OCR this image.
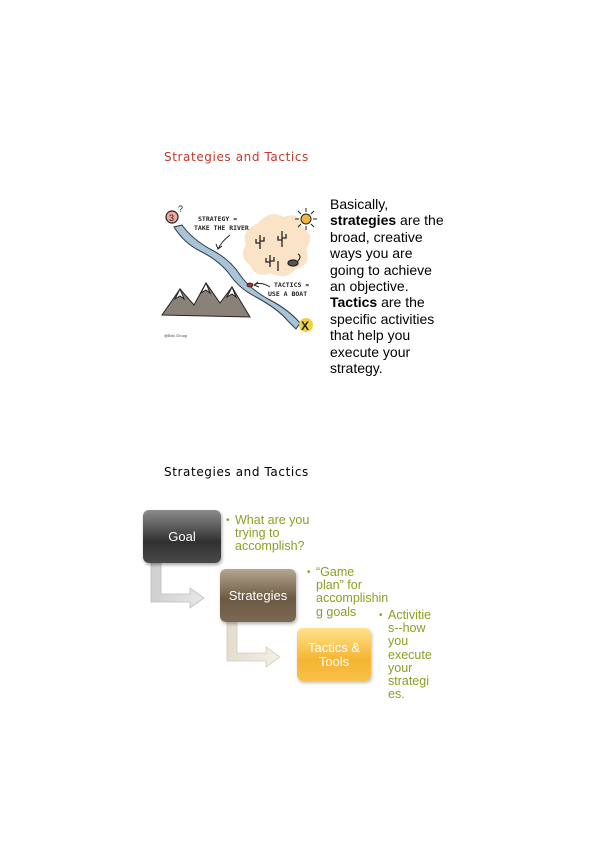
Strategies and Tactics
3
?
STRATEGY =
TAKE THE RIVER
TACTICS =
USE A BOAT
X
@Brix Group
Basically,
strategies are the broad, creative ways you are going to achieve an objective.
Tactics are the specific activities that help you execute your strategy.
Strategies and Tactics
Goal
Strategies
Tactics & Tools
• What are you trying to accomplish?
• “Game plan” for accomplishin g goals	• Activitie s--how you execute your strategi es.
